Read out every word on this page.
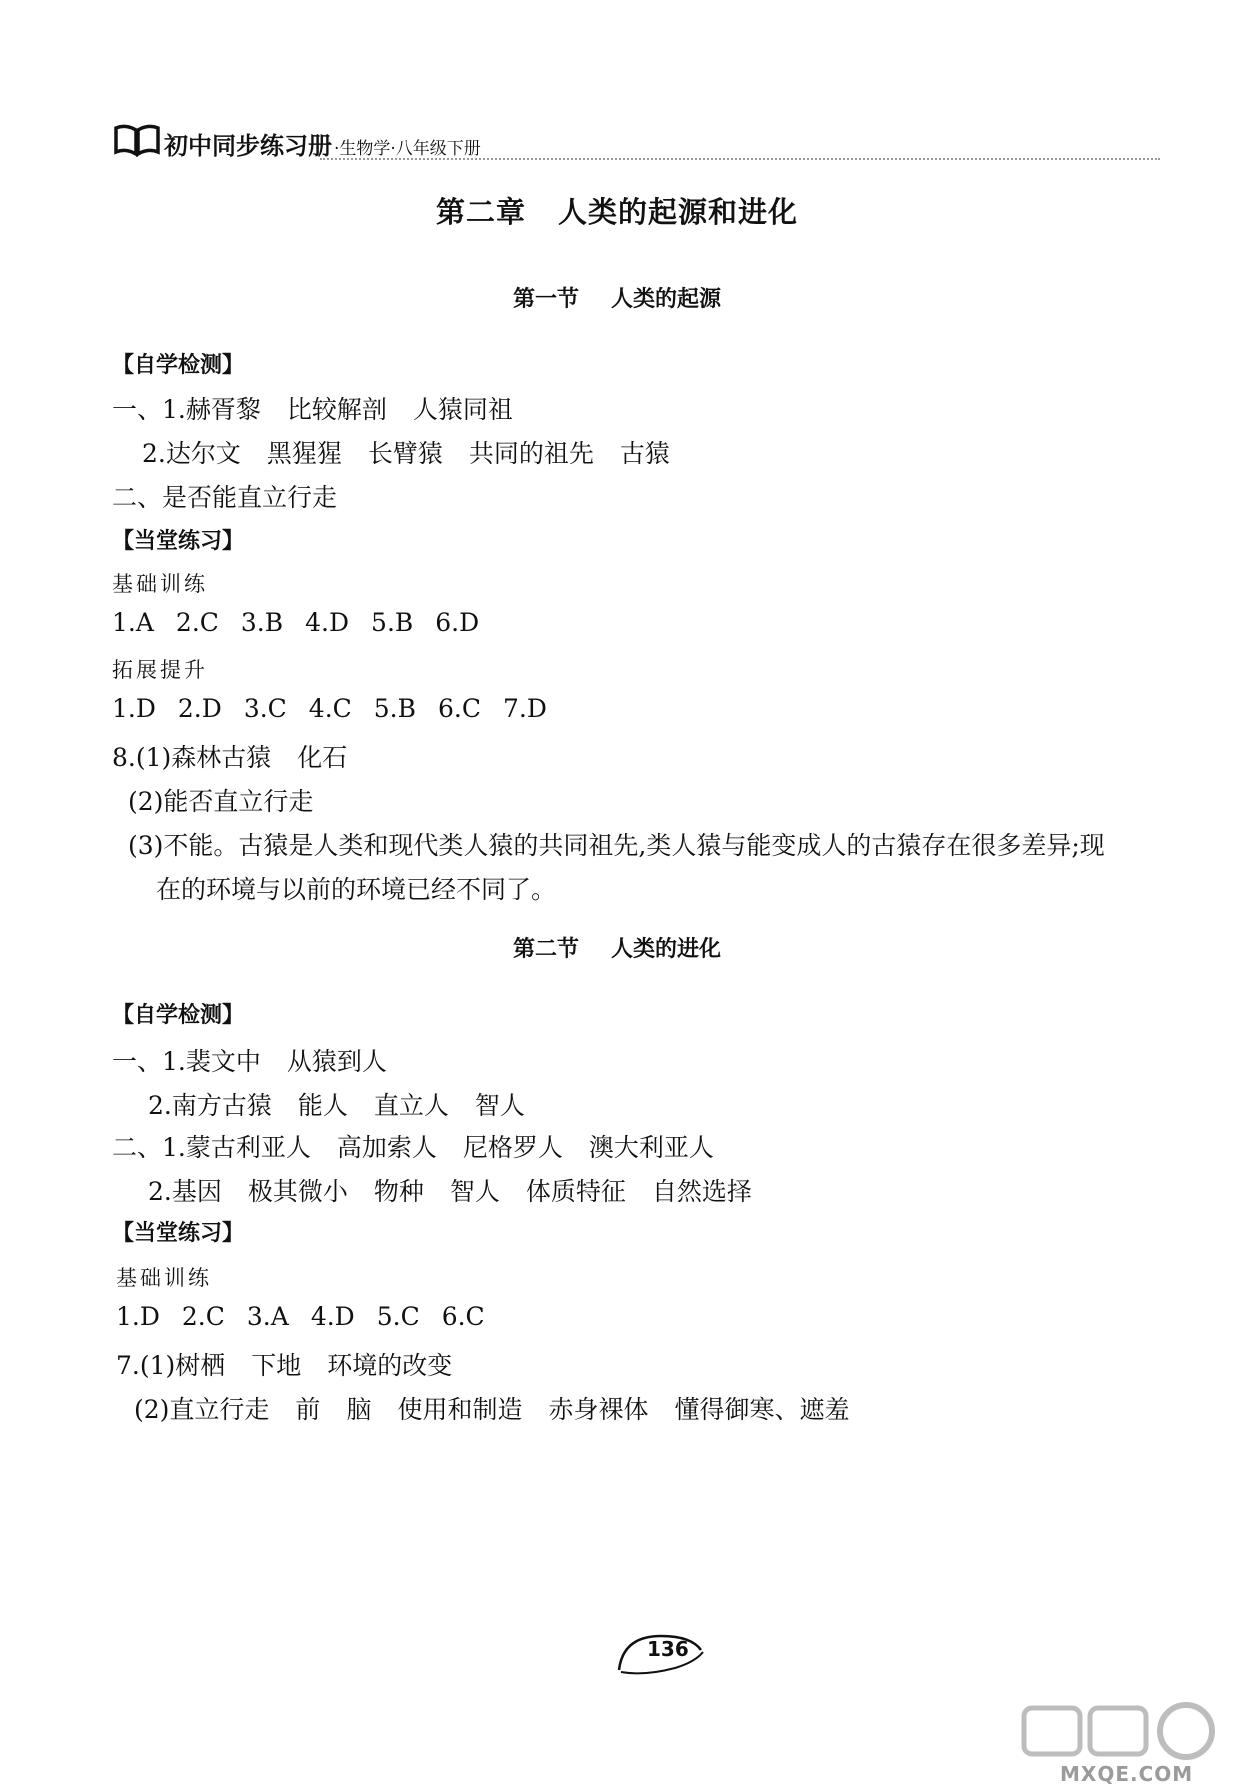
初中同步练习册 ·生物学·八年级下册
第二章 人类的起源和进化
第一节 人类的起源
【自学检测】
一、1.赫胥黎 比较解剖 人猿同祖
2.达尔文 黑猩猩 长臂猿 共同的祖先 古猿
二、是否能直立行走
【当堂练习】
基础训练
1.A 2.C 3.B 4.D 5.B 6.D
拓展提升
1.D 2.D 3.C 4.C 5.B 6.C 7.D
8.(1)森林古猿 化石
(2)能否直立行走
(3)不能。古猿是人类和现代类人猿的共同祖先,类人猿与能变成人的古猿存在很多差异;现
在的环境与以前的环境已经不同了。
第二节 人类的进化
【自学检测】
一、1.裴文中 从猿到人
2.南方古猿 能人 直立人 智人
二、1.蒙古利亚人 高加索人 尼格罗人 澳大利亚人
2.基因 极其微小 物种 智人 体质特征 自然选择
【当堂练习】
基础训练
1.D 2.C 3.A 4.D 5.C 6.C
7.(1)树栖 下地 环境的改变
(2)直立行走 前 脑 使用和制造 赤身裸体 懂得御寒、遮羞
136
MXQE.COM
